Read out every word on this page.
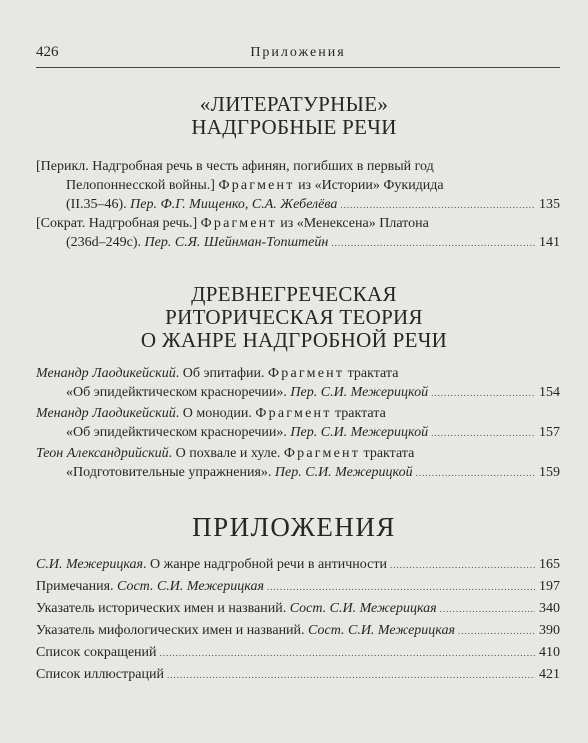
426	Приложения
«ЛИТЕРАТУРНЫЕ»
НАДГРОБНЫЕ РЕЧИ
[Перикл. Надгробная речь в честь афинян, погибших в первый год
Пелопоннесской войны.] Фрагмент из «Истории» Фукидида
(II.35–46). Пер. Ф.Г. Мищенко, С.А. Жебелёва .....	135
[Сократ. Надгробная речь.] Фрагмент из «Менексена» Платона
(236d–249c). Пер. С.Я. Шейнман-Топштейн .....	141
ДРЕВНЕГРЕЧЕСКАЯ
РИТОРИЧЕСКАЯ ТЕОРИЯ
О ЖАНРЕ НАДГРОБНОЙ РЕЧИ
Менандр Лаодикейский. Об эпитафии. Фрагмент трактата
«Об эпидейктическом красноречии». Пер. С.И. Межерицкой .....	154
Менандр Лаодикейский. О монодии. Фрагмент трактата
«Об эпидейктическом красноречии». Пер. С.И. Межерицкой .....	157
Теон Александрийский. О похвале и хуле. Фрагмент трактата
«Подготовительные упражнения». Пер. С.И. Межерицкой .....	159
ПРИЛОЖЕНИЯ
С.И. Межерицкая. О жанре надгробной речи в античности .....	165
Примечания. Сост. С.И. Межерицкая .....	197
Указатель исторических имен и названий. Сост. С.И. Межерицкая .....	340
Указатель мифологических имен и названий. Сост. С.И. Межерицкая .....	390
Список сокращений .....	410
Список иллюстраций .....	421
